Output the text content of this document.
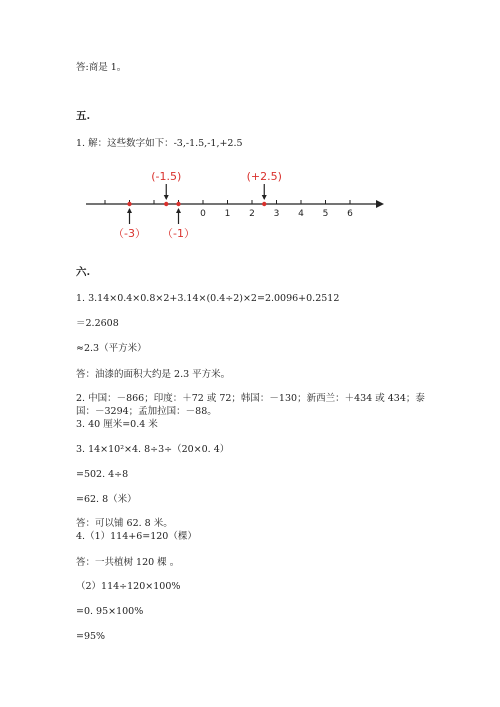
答:商是 1。
五.
1. 解：这些数字如下：-3,-1.5,-1,+2.5
0 1 2 3 4 5 6
（-3）
(-1.5)
（-1）
(+2.5)
六.
1. 3.14×0.4×0.8×2+3.14×(0.4÷2)×2=2.0096+0.2512
＝2.2608
≈2.3（平方米）
答：油漆的面积大约是 2.3 平方米。
2. 中国：－866；印度：＋72 或 72；韩国：－130；新西兰：＋434 或 434；泰
国：－3294；孟加拉国：－88。
3. 40 厘米=0.4 米
3. 14×10²×4. 8÷3÷（20×0. 4）
=502. 4÷8
=62. 8（米）
答：可以铺 62. 8 米。
4.（1）114+6=120（棵）
答：一共植树 120 棵 。
（2）114÷120×100%
=0. 95×100%
=95%
